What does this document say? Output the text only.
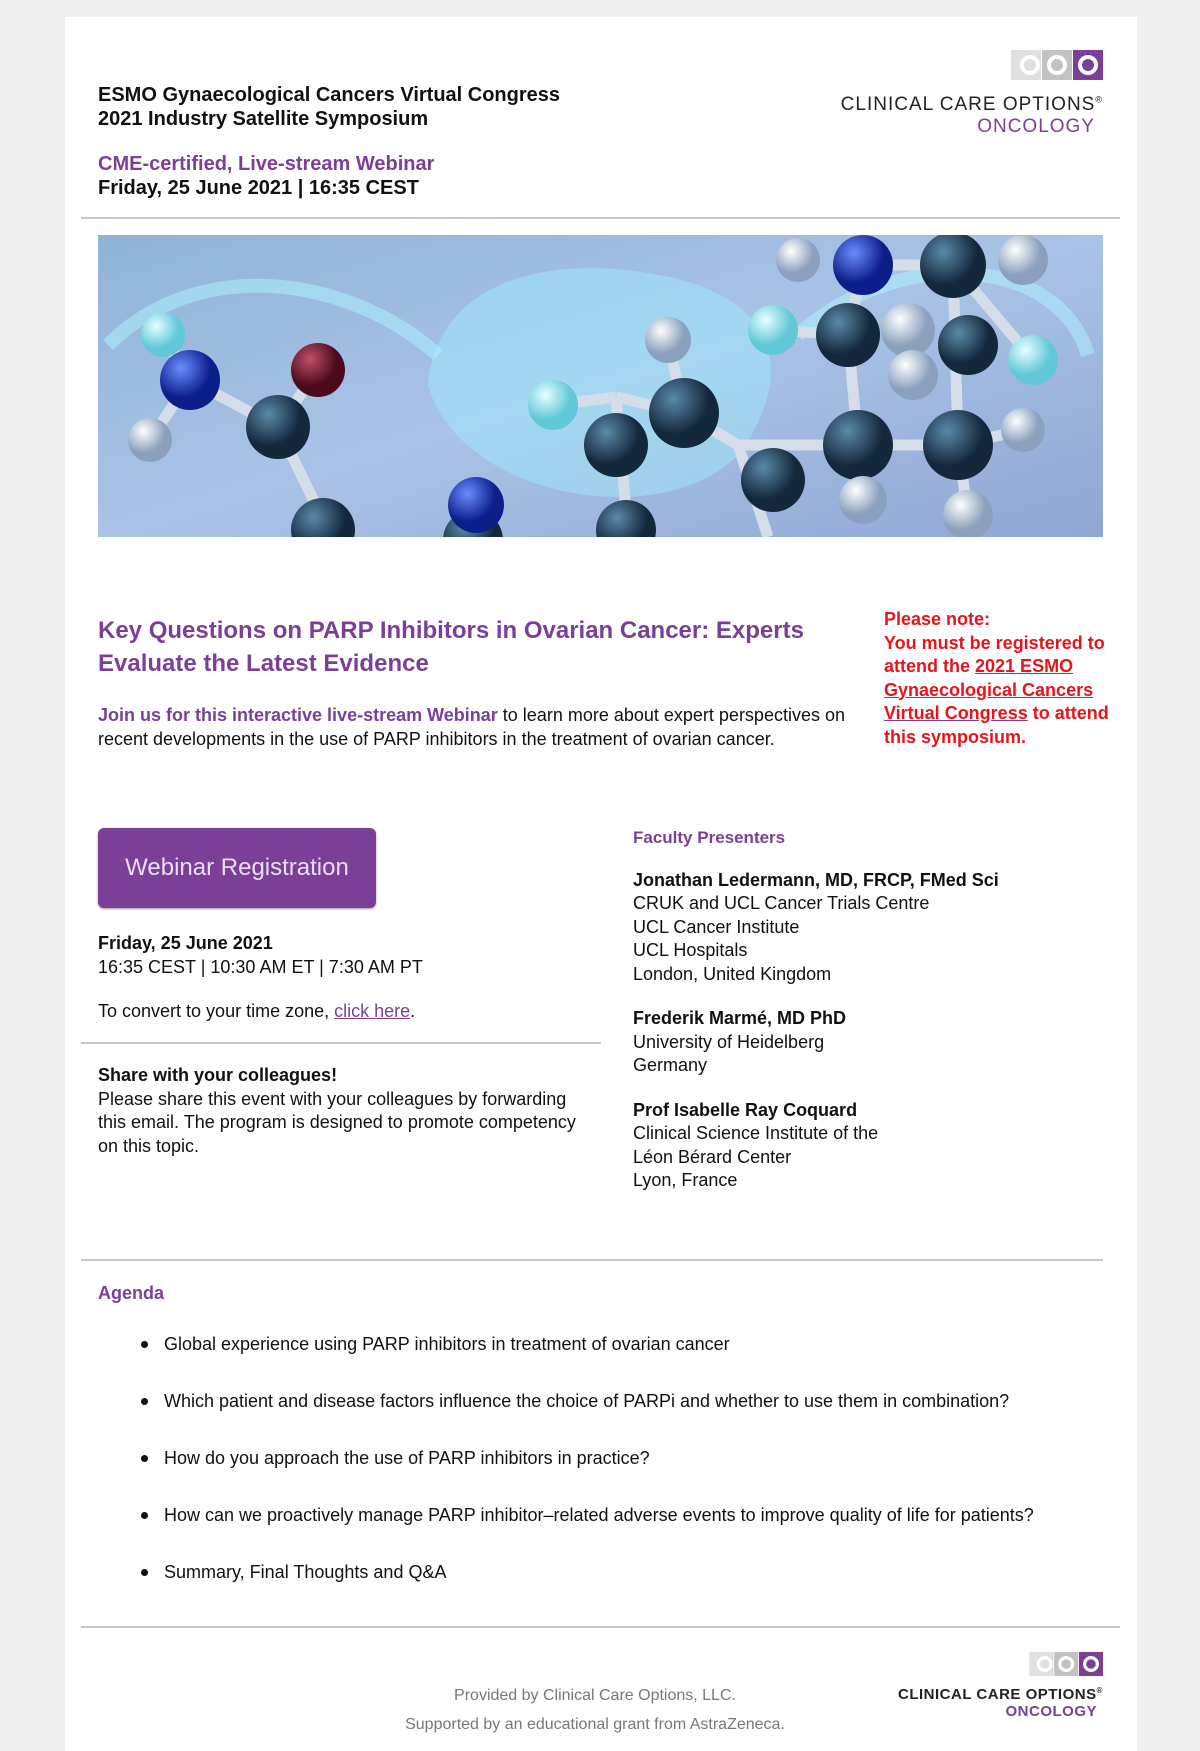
ESMO Gynaecological Cancers Virtual Congress
2021 Industry Satellite Symposium
CME-certified, Live-stream Webinar
Friday, 25 June 2021 | 16:35 CEST
CLINICAL CARE OPTIONS®
ONCOLOGY
Key Questions on PARP Inhibitors in Ovarian Cancer: Experts
Evaluate the Latest Evidence
Join us for this interactive live-stream Webinar to learn more about expert perspectives on recent developments in the use of PARP inhibitors in the treatment of ovarian cancer.
Please note:
You must be registered to attend the 2021 ESMO Gynaecological Cancers Virtual Congress to attend this symposium.
Webinar Registration
Friday, 25 June 2021
16:35 CEST | 10:30 AM ET | 7:30 AM PT
To convert to your time zone, click here.
Share with your colleagues!
Please share this event with your colleagues by forwarding this email. The program is designed to promote competency on this topic.
Faculty Presenters
Jonathan Ledermann, MD, FRCP, FMed Sci
CRUK and UCL Cancer Trials Centre
UCL Cancer Institute
UCL Hospitals
London, United Kingdom
Frederik Marmé, MD PhD
University of Heidelberg
Germany
Prof Isabelle Ray Coquard
Clinical Science Institute of the
Léon Bérard Center
Lyon, France
Agenda
Global experience using PARP inhibitors in treatment of ovarian cancer
Which patient and disease factors influence the choice of PARPi and whether to use them in combination?
How do you approach the use of PARP inhibitors in practice?
How can we proactively manage PARP inhibitor–related adverse events to improve quality of life for patients?
Summary, Final Thoughts and Q&A
Provided by Clinical Care Options, LLC.
Supported by an educational grant from AstraZeneca.
CLINICAL CARE OPTIONS®
ONCOLOGY
